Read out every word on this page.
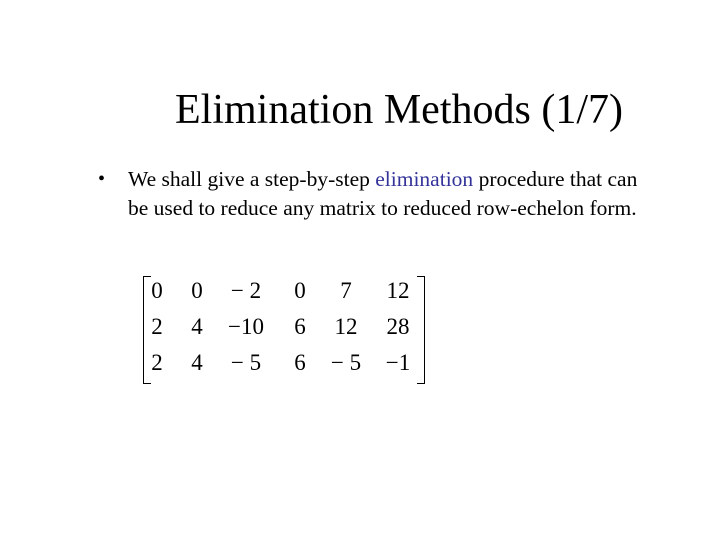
Elimination Methods (1/7)
• We shall give a step-by-step elimination procedure that can be used to reduce any matrix to reduced row-echelon form.
0	0	− 2	0	7	12
2	4	−10	6	12	28
2	4	− 5	6	− 5	−1
